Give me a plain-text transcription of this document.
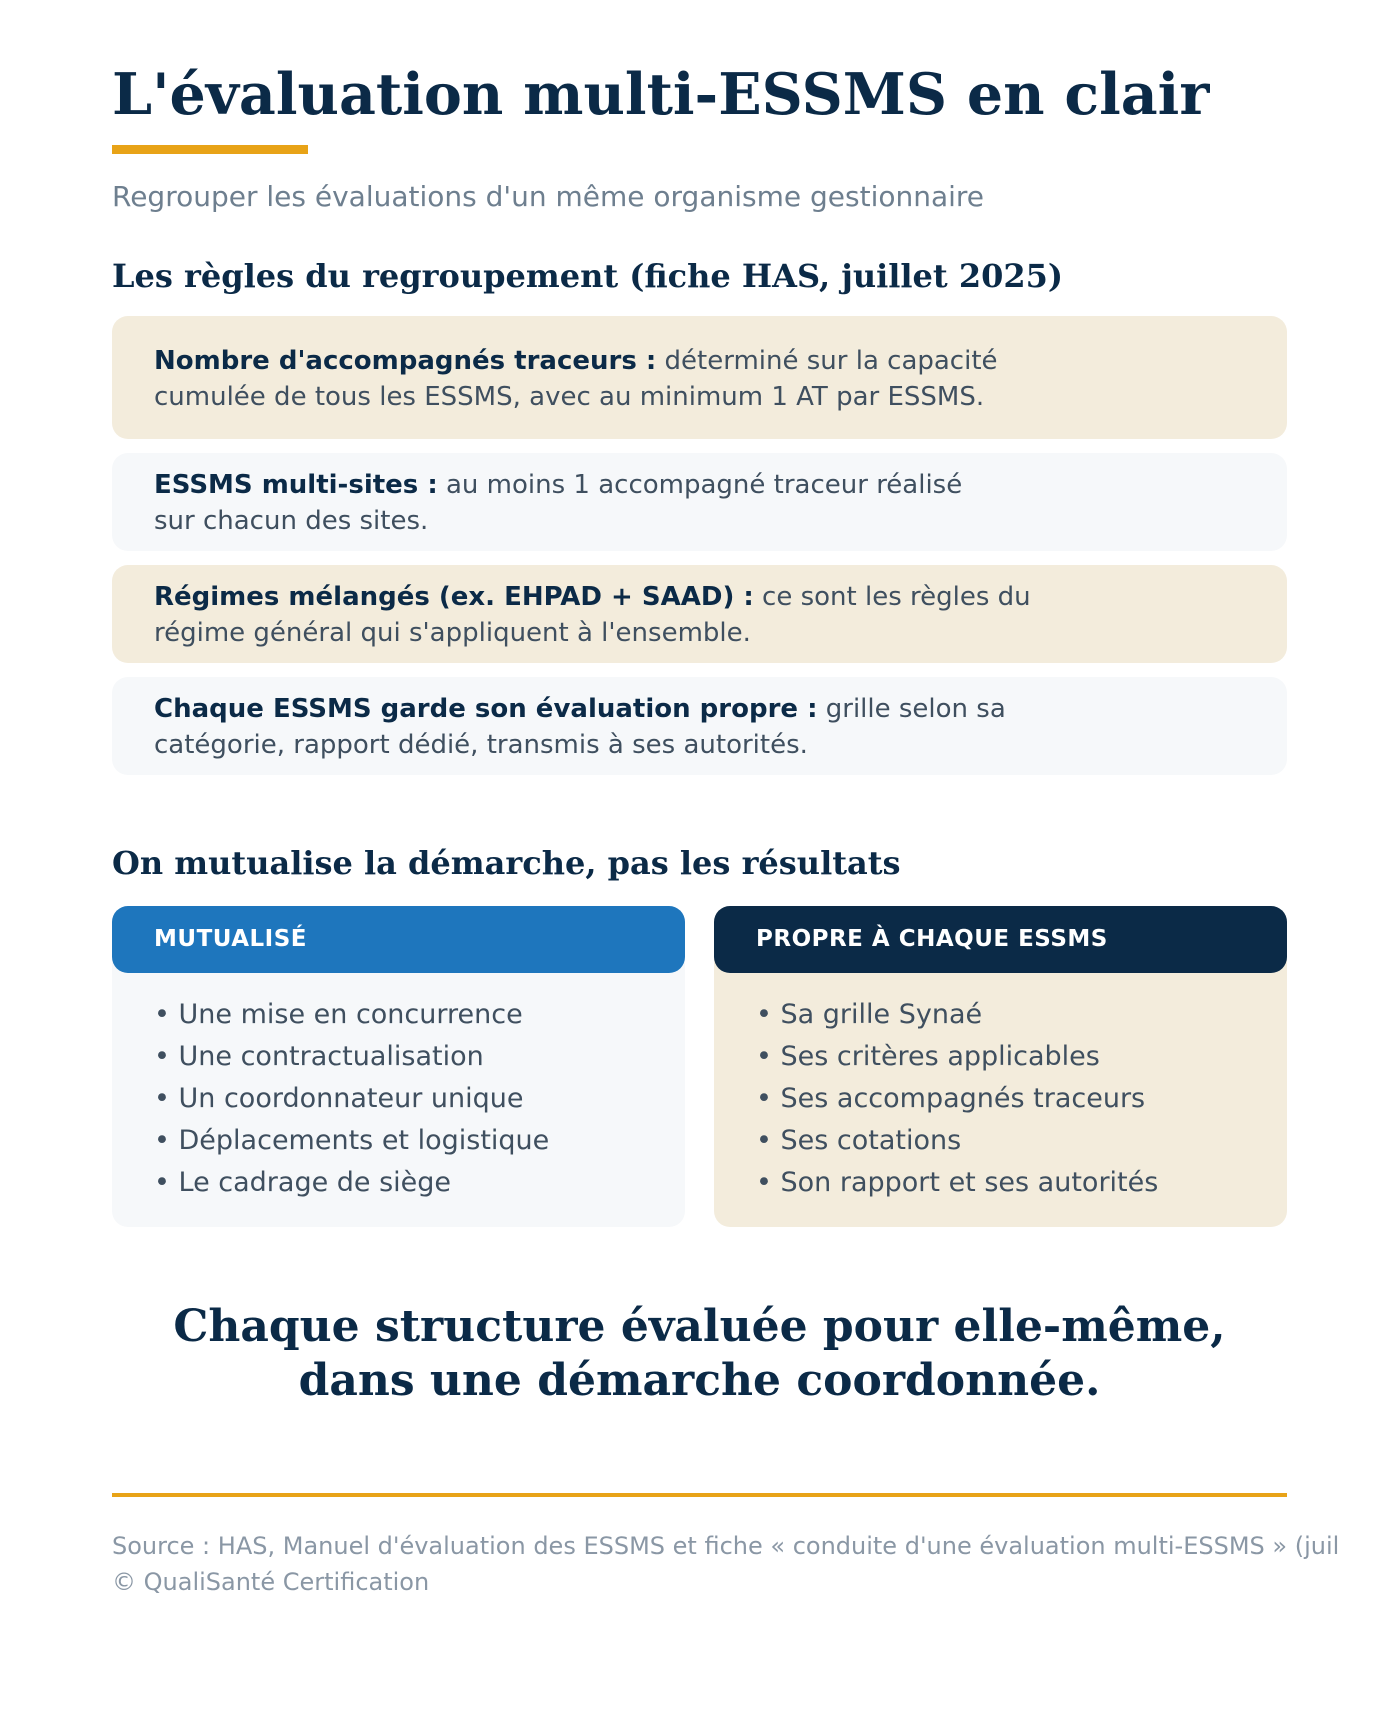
L'évaluation multi-ESSMS en clair
Regrouper les évaluations d'un même organisme gestionnaire
Les règles du regroupement (fiche HAS, juillet 2025)
Nombre d'accompagnés traceurs : déterminé sur la capacité
cumulée de tous les ESSMS, avec au minimum 1 AT par ESSMS.
ESSMS multi-sites : au moins 1 accompagné traceur réalisé
sur chacun des sites.
Régimes mélangés (ex. EHPAD + SAAD) : ce sont les règles du
régime général qui s'appliquent à l'ensemble.
Chaque ESSMS garde son évaluation propre : grille selon sa
catégorie, rapport dédié, transmis à ses autorités.
On mutualise la démarche, pas les résultats
MUTUALISÉ
• Une mise en concurrence
• Une contractualisation
• Un coordonnateur unique
• Déplacements et logistique
• Le cadrage de siège
PROPRE À CHAQUE ESSMS
• Sa grille Synaé
• Ses critères applicables
• Ses accompagnés traceurs
• Ses cotations
• Son rapport et ses autorités
Chaque structure évaluée pour elle-même,
dans une démarche coordonnée.
Source : HAS, Manuel d'évaluation des ESSMS et fiche « conduite d'une évaluation multi-ESSMS » (juil
© QualiSanté Certification
